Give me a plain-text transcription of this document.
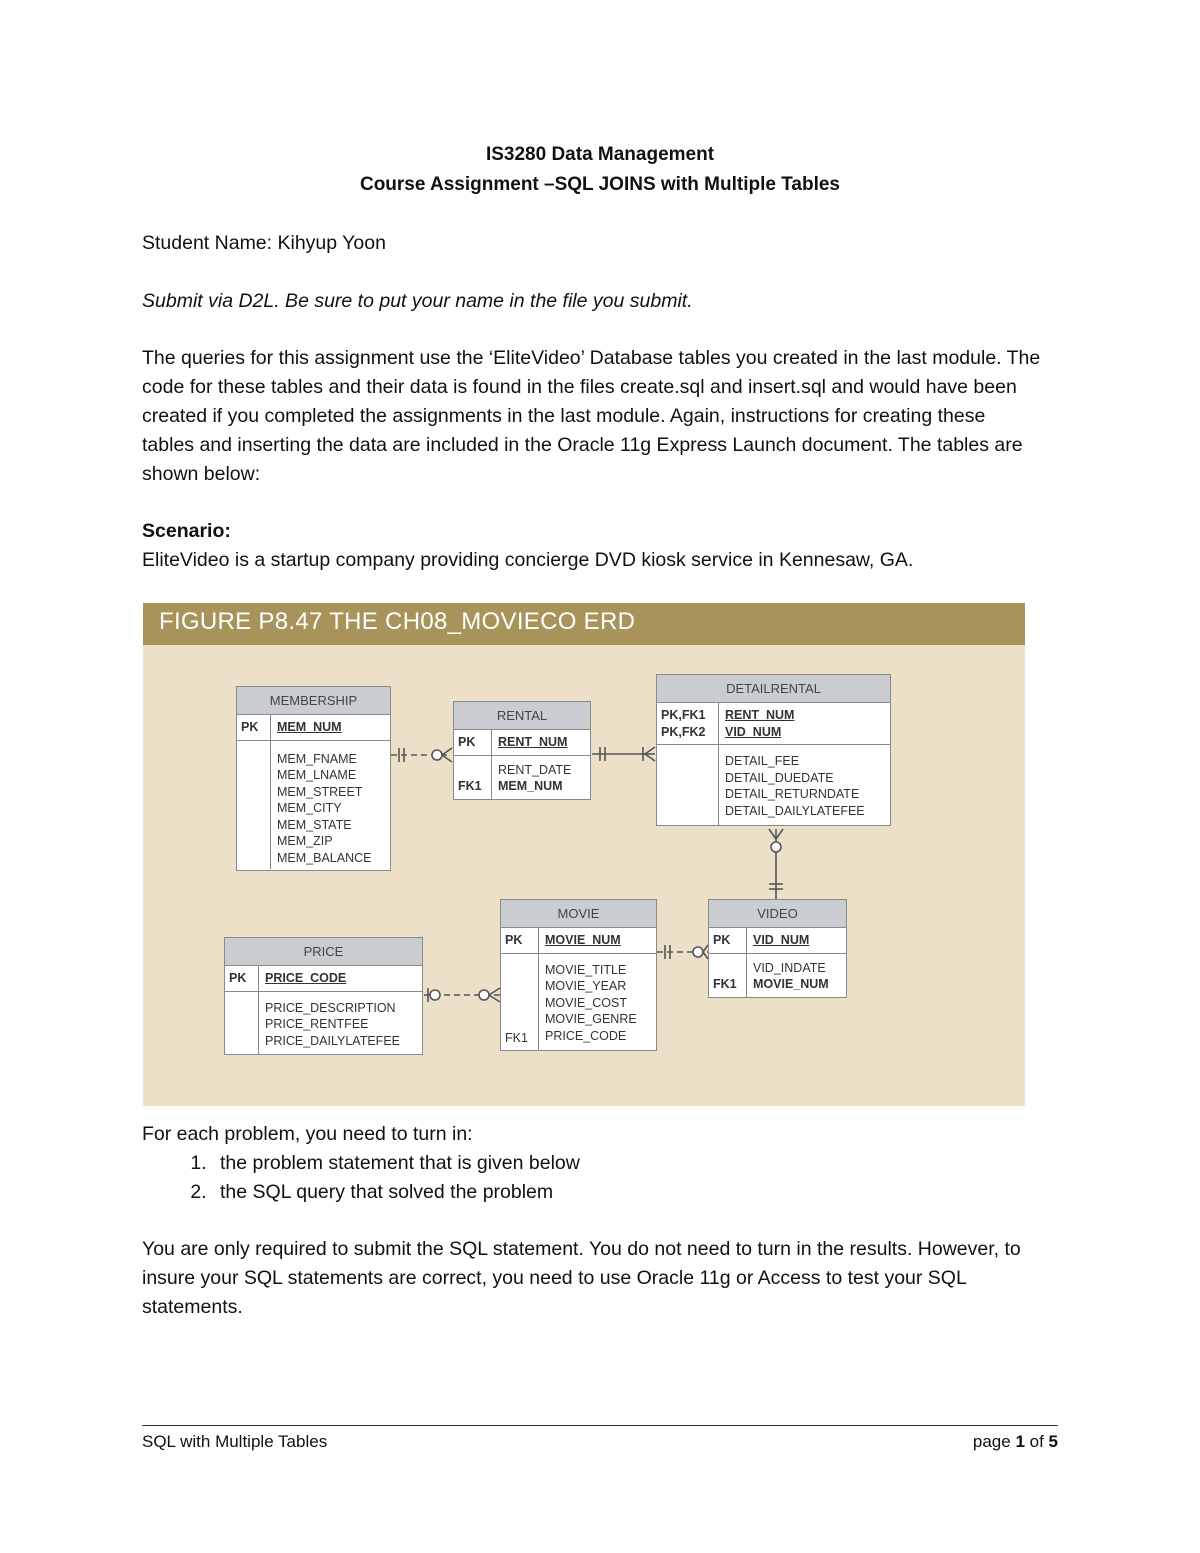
IS3280 Data Management
Course Assignment –SQL JOINS with Multiple Tables
Student Name: Kihyup Yoon
Submit via D2L. Be sure to put your name in the file you submit.

The queries for this assignment use the ‘EliteVideo’ Database tables you created in the last module. The code for these tables and their data is found in the files create.sql and insert.sql and would have been created if you completed the assignments in the last module. Again, instructions for creating these tables and inserting the data are included in the Oracle 11g Express Launch document. The tables are shown below:

Scenario:
EliteVideo is a startup company providing concierge DVD kiosk service in Kennesaw, GA.
FIGURE P8.47 THE CH08_MOVIECO ERD
MEMBERSHIP
PK	MEM_NUM
MEM_FNAME
MEM_LNAME
MEM_STREET
MEM_CITY
MEM_STATE
MEM_ZIP
MEM_BALANCE
RENTAL
PK	RENT_NUM
FK1
RENT_DATE
MEM_NUM
DETAILRENTAL
PK,FK1
PK,FK2
RENT_NUM
VID_NUM
DETAIL_FEE
DETAIL_DUEDATE
DETAIL_RETURNDATE
DETAIL_DAILYLATEFEE
MOVIE
PK	MOVIE_NUM
FK1
MOVIE_TITLE
MOVIE_YEAR
MOVIE_COST
MOVIE_GENRE
PRICE_CODE
VIDEO
PK	VID_NUM
FK1
VID_INDATE
MOVIE_NUM
PRICE
PK	PRICE_CODE
PRICE_DESCRIPTION
PRICE_RENTFEE
PRICE_DAILYLATEFEE
For each problem, you need to turn in:
1. the problem statement that is given below
2. the SQL query that solved the problem

You are only required to submit the SQL statement. You do not need to turn in the results. However, to insure your SQL statements are correct, you need to use Oracle 11g or Access to test your SQL statements.

SQL with Multiple Tables	page 1 of 5
